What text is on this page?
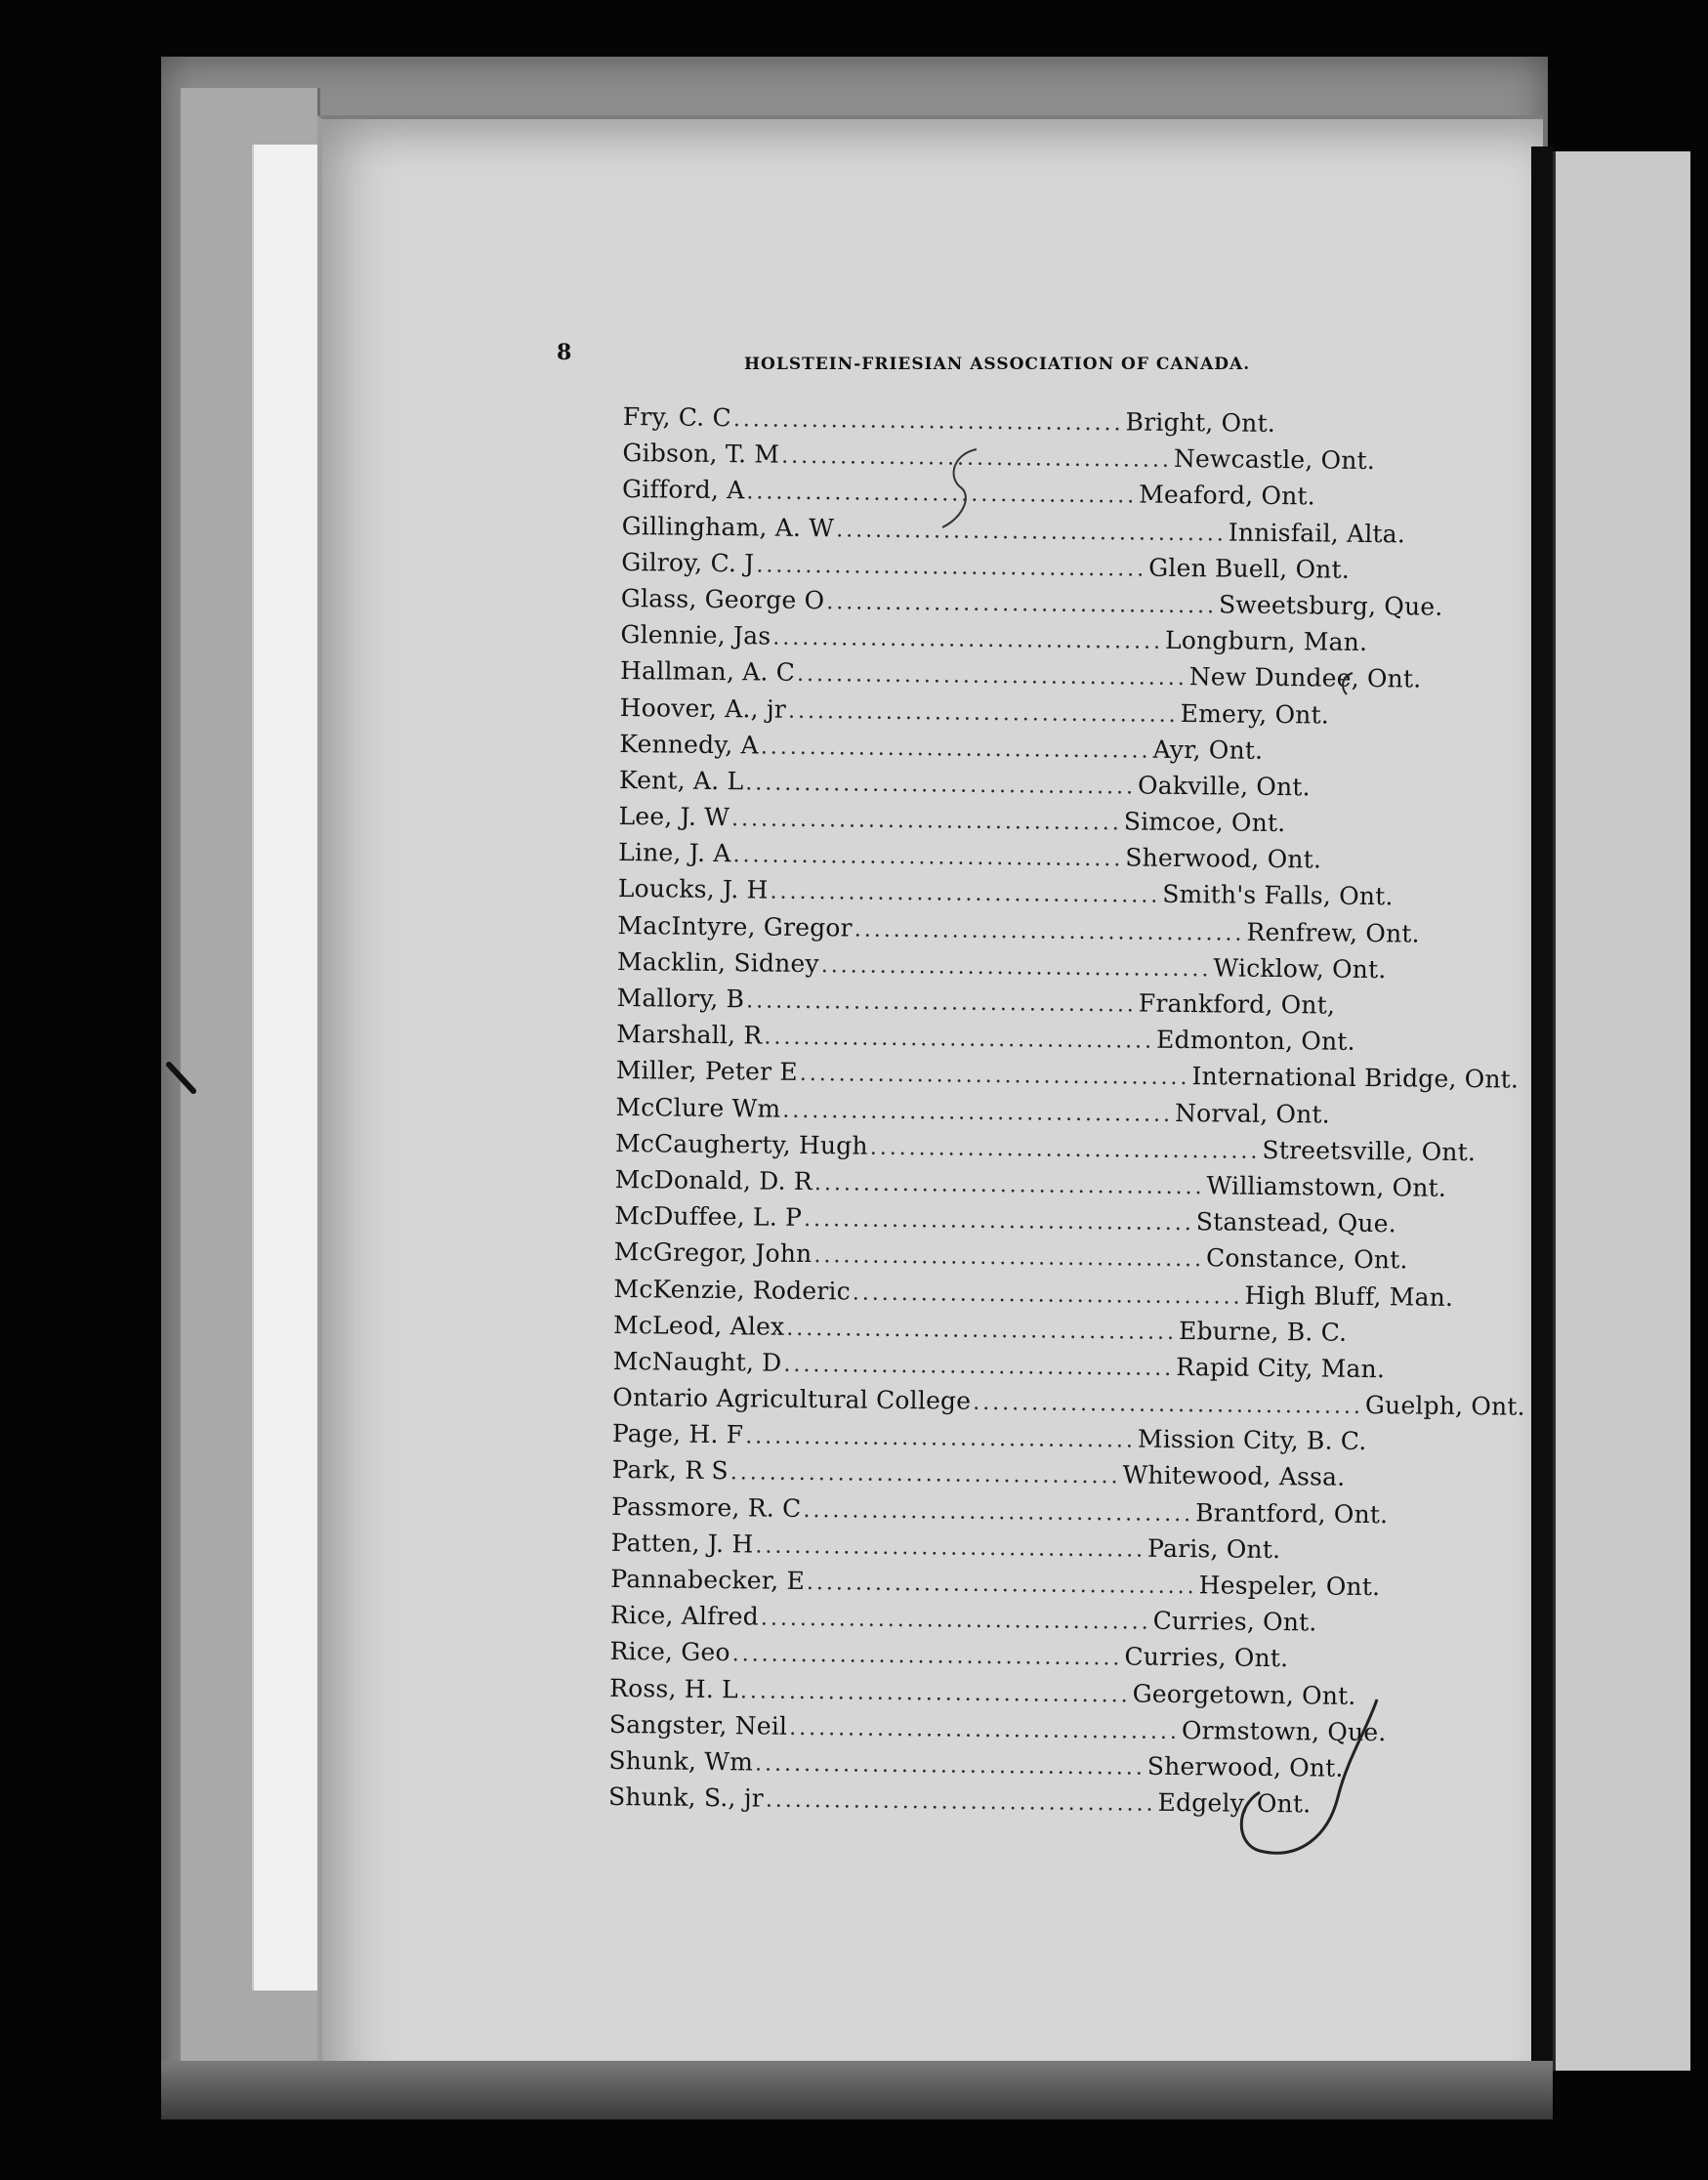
8	HOLSTEIN-FRIESIAN ASSOCIATION OF CANADA.
Fry, C. C ........................................ Bright, Ont.
Gibson, T. M ........................................ Newcastle, Ont.
Gifford, A ........................................ Meaford, Ont.
Gillingham, A. W ........................................ Innisfail, Alta.
Gilroy, C. J ........................................ Glen Buell, Ont.
Glass, George O ........................................ Sweetsburg, Que.
Glennie, Jas ........................................ Longburn, Man.
Hallman, A. C ........................................ New Dundee, Ont.
Hoover, A., jr ........................................ Emery, Ont.
Kennedy, A ........................................ Ayr, Ont.
Kent, A. L ........................................ Oakville, Ont.
Lee, J. W ........................................ Simcoe, Ont.
Line, J. A ........................................ Sherwood, Ont.
Loucks, J. H ........................................ Smith's Falls, Ont.
MacIntyre, Gregor ........................................ Renfrew, Ont.
Macklin, Sidney ........................................ Wicklow, Ont.
Mallory, B ........................................ Frankford, Ont,
Marshall, R ........................................ Edmonton, Ont.
Miller, Peter E ........................................ International Bridge, Ont.
McClure Wm ........................................ Norval, Ont.
McCaugherty, Hugh ........................................ Streetsville, Ont.
McDonald, D. R ........................................ Williamstown, Ont.
McDuffee, L. P ........................................ Stanstead, Que.
McGregor, John ........................................ Constance, Ont.
McKenzie, Roderic ........................................ High Bluff, Man.
McLeod, Alex ........................................ Eburne, B. C.
McNaught, D ........................................ Rapid City, Man.
Ontario Agricultural College ........................................ Guelph, Ont.
Page, H. F ........................................ Mission City, B. C.
Park, R S ........................................ Whitewood, Assa.
Passmore, R. C ........................................ Brantford, Ont.
Patten, J. H ........................................ Paris, Ont.
Pannabecker, E ........................................ Hespeler, Ont.
Rice, Alfred ........................................ Curries, Ont.
Rice, Geo ........................................ Curries, Ont.
Ross, H. L ........................................ Georgetown, Ont.
Sangster, Neil ........................................ Ormstown, Que.
Shunk, Wm ........................................ Sherwood, Ont.
Shunk, S., jr ........................................ Edgely, Ont.
